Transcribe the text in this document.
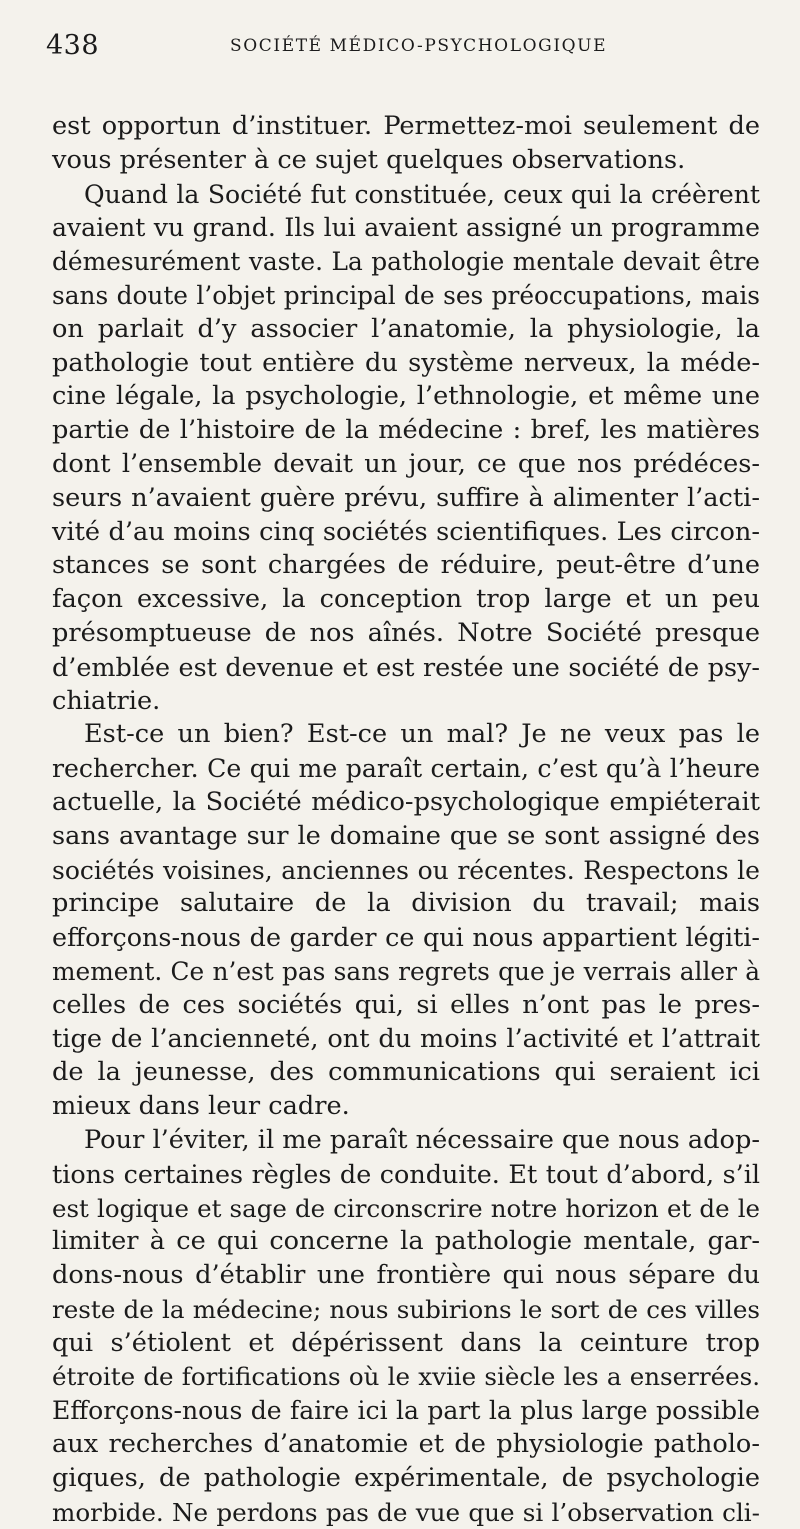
438	SOCIÉTÉ MÉDICO-PSYCHOLOGIQUE
est opportun d’instituer. Permettez-moi seulement de
vous présenter à ce sujet quelques observations.
Quand la Société fut constituée, ceux qui la créèrent
avaient vu grand. Ils lui avaient assigné un programme
démesurément vaste. La pathologie mentale devait être
sans doute l’objet principal de ses préoccupations, mais
on parlait d’y associer l’anatomie, la physiologie, la
pathologie tout entière du système nerveux, la méde-
cine légale, la psychologie, l’ethnologie, et même une
partie de l’histoire de la médecine : bref, les matières
dont l’ensemble devait un jour, ce que nos prédéces-
seurs n’avaient guère prévu, suffire à alimenter l’acti-
vité d’au moins cinq sociétés scientifiques. Les circon-
stances se sont chargées de réduire, peut-être d’une
façon excessive, la conception trop large et un peu
présomptueuse de nos aînés. Notre Société presque
d’emblée est devenue et est restée une société de psy-
chiatrie.
Est-ce un bien? Est-ce un mal? Je ne veux pas le
rechercher. Ce qui me paraît certain, c’est qu’à l’heure
actuelle, la Société médico-psychologique empiéterait
sans avantage sur le domaine que se sont assigné des
sociétés voisines, anciennes ou récentes. Respectons le
principe salutaire de la division du travail; mais
efforçons-nous de garder ce qui nous appartient légiti-
mement. Ce n’est pas sans regrets que je verrais aller à
celles de ces sociétés qui, si elles n’ont pas le pres-
tige de l’ancienneté, ont du moins l’activité et l’attrait
de la jeunesse, des communications qui seraient ici
mieux dans leur cadre.
Pour l’éviter, il me paraît nécessaire que nous adop-
tions certaines règles de conduite. Et tout d’abord, s’il
est logique et sage de circonscrire notre horizon et de le
limiter à ce qui concerne la pathologie mentale, gar-
dons-nous d’établir une frontière qui nous sépare du
reste de la médecine; nous subirions le sort de ces villes
qui s’étiolent et dépérissent dans la ceinture trop
étroite de fortifications où le xviie siècle les a enserrées.
Efforçons-nous de faire ici la part la plus large possible
aux recherches d’anatomie et de physiologie patholo-
giques, de pathologie expérimentale, de psychologie
morbide. Ne perdons pas de vue que si l’observation cli-
